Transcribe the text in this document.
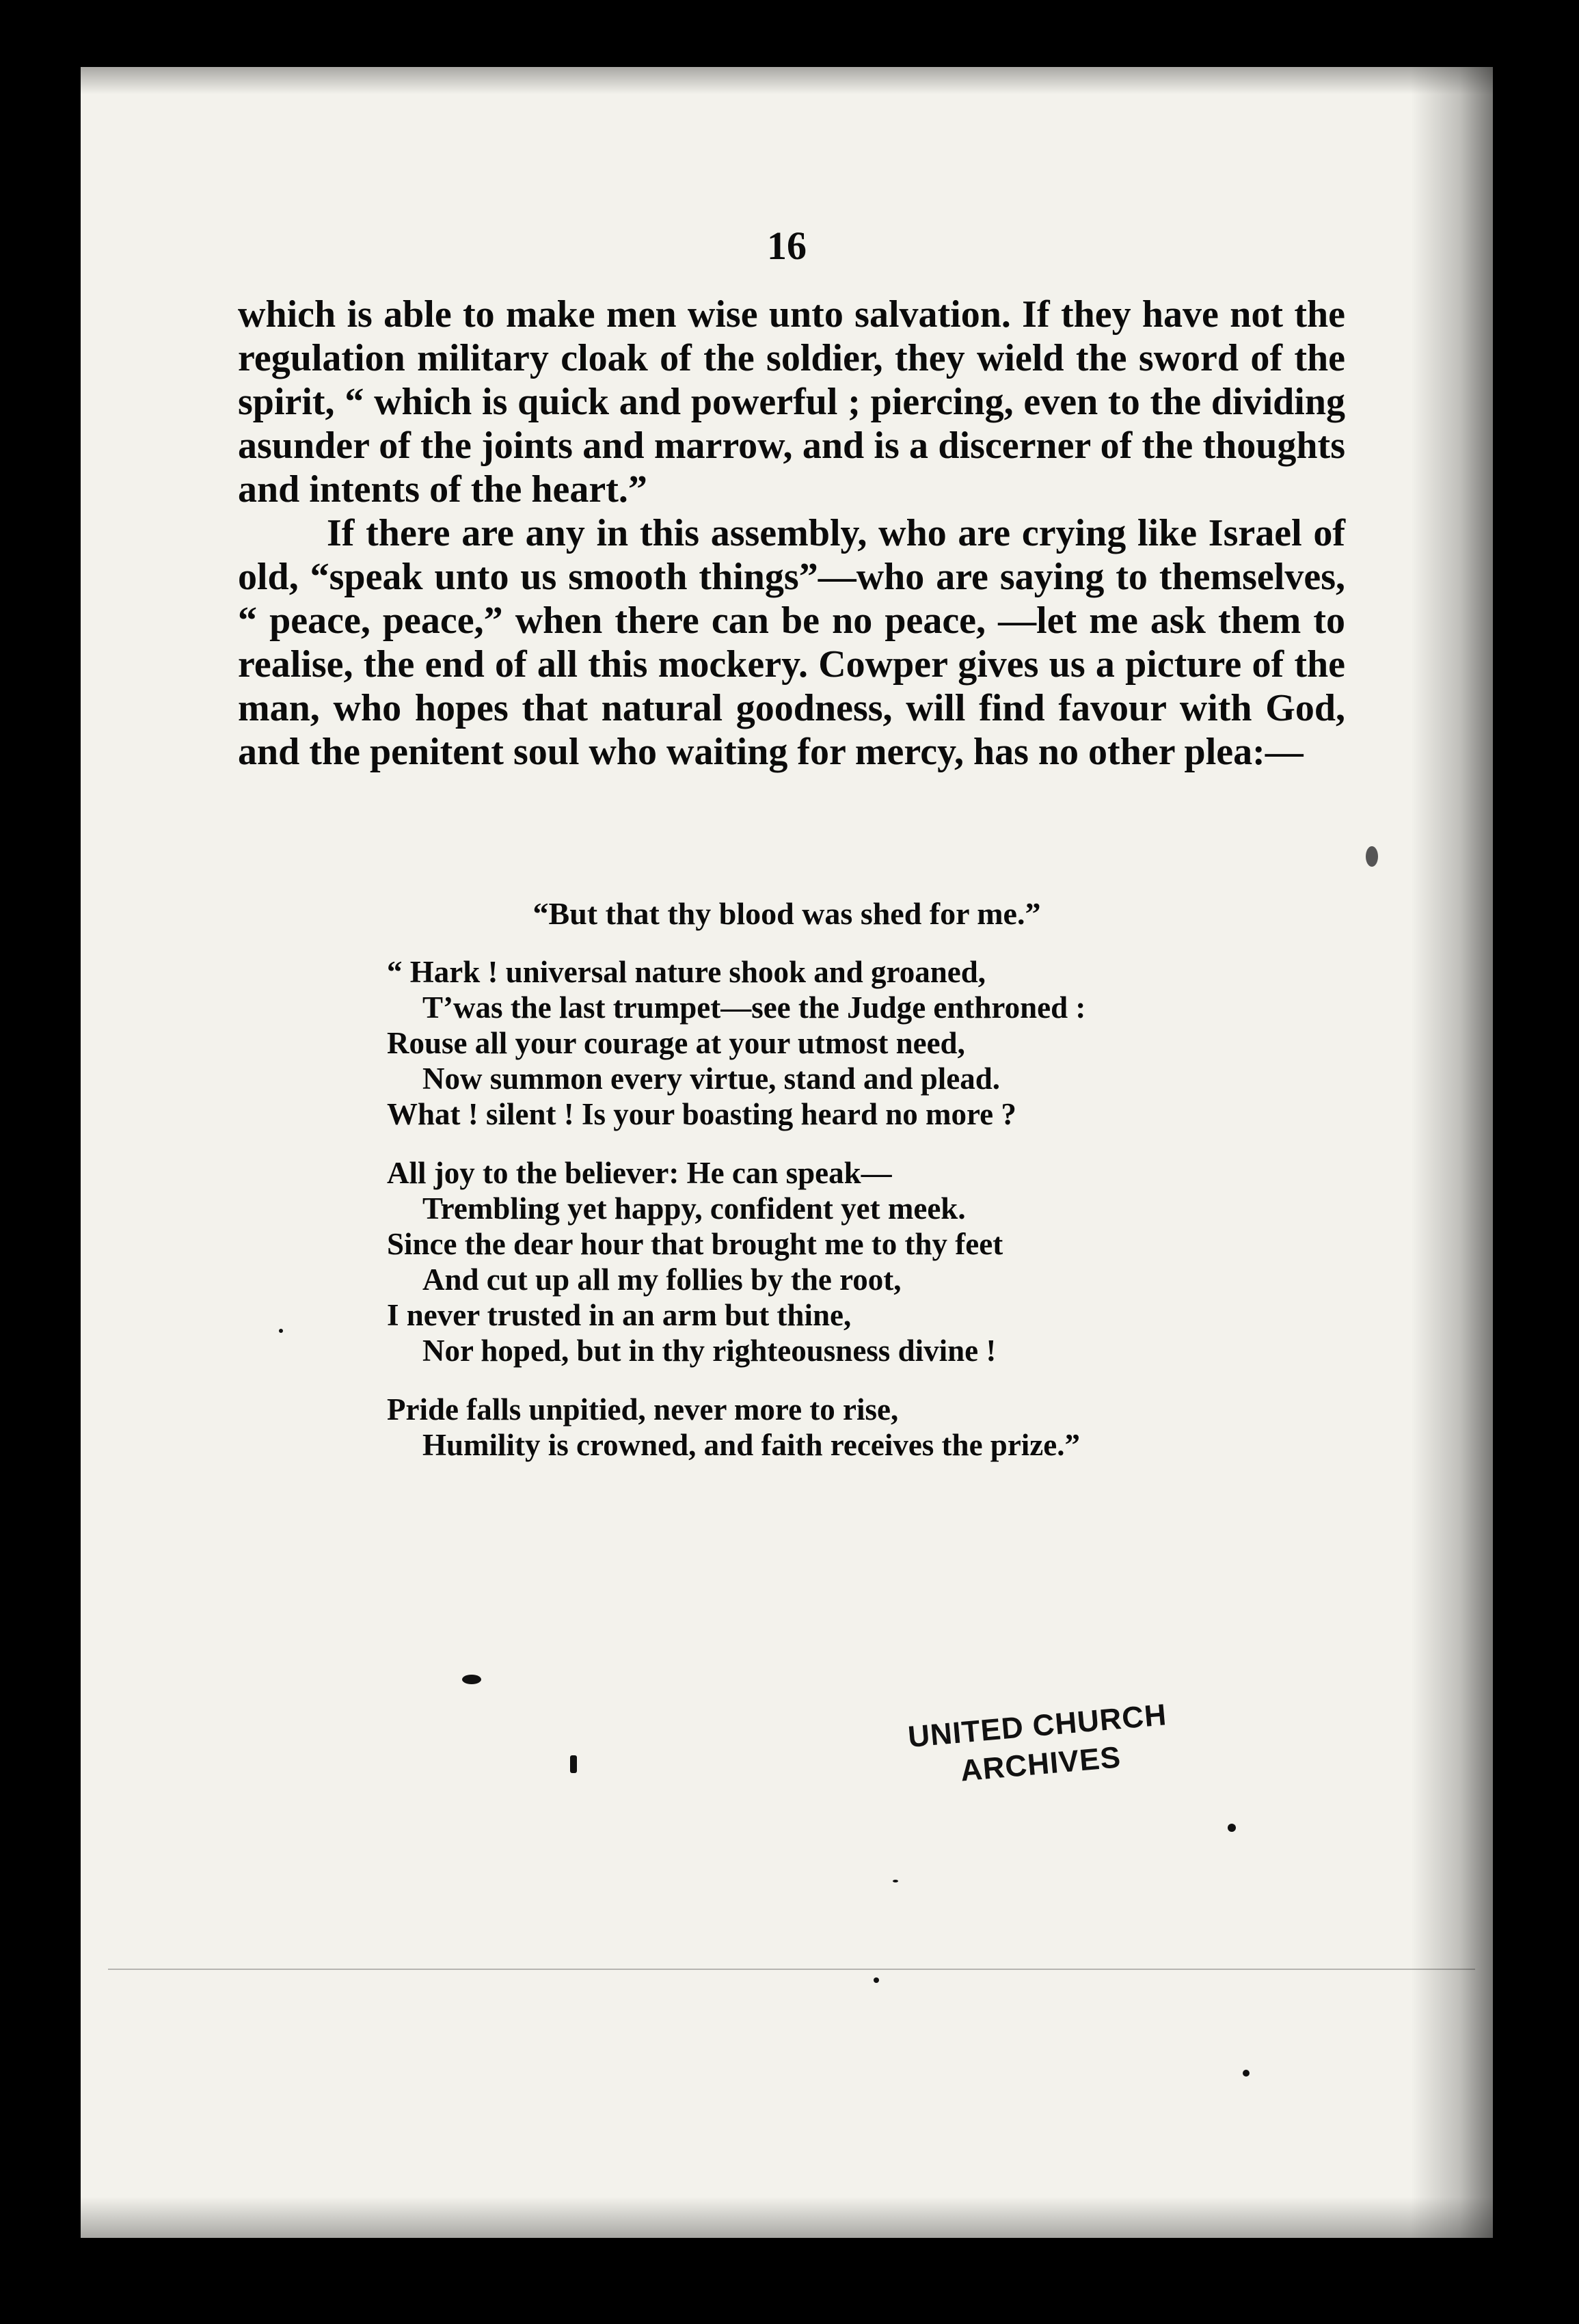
16

which is able to make men wise unto salvation. If they have not the regulation military cloak of the soldier, they wield the sword of the spirit, “ which is quick and powerful ; piercing, even to the dividing asunder of the joints and marrow, and is a discerner of the thoughts and intents of the heart.”

If there are any in this assembly, who are crying like Israel of old, “speak unto us smooth things”—who are saying to themselves, “ peace, peace,” when there can be no peace, —let me ask them to realise, the end of all this mockery. Cowper gives us a picture of the man, who hopes that natural goodness, will find favour with God, and the penitent soul who waiting for mercy, has no other plea:—

“But that thy blood was shed for me.”
“ Hark ! universal nature shook and groaned,
T’was the last trumpet—see the Judge enthroned :
Rouse all your courage at your utmost need,
Now summon every virtue, stand and plead.
What ! silent ! Is your boasting heard no more ?
All joy to the believer: He can speak—
Trembling yet happy, confident yet meek.
Since the dear hour that brought me to thy feet
And cut up all my follies by the root,
I never trusted in an arm but thine,
Nor hoped, but in thy righteousness divine !
Pride falls unpitied, never more to rise,
Humility is crowned, and faith receives the prize.”
UNITED CHURCH
ARCHIVES
